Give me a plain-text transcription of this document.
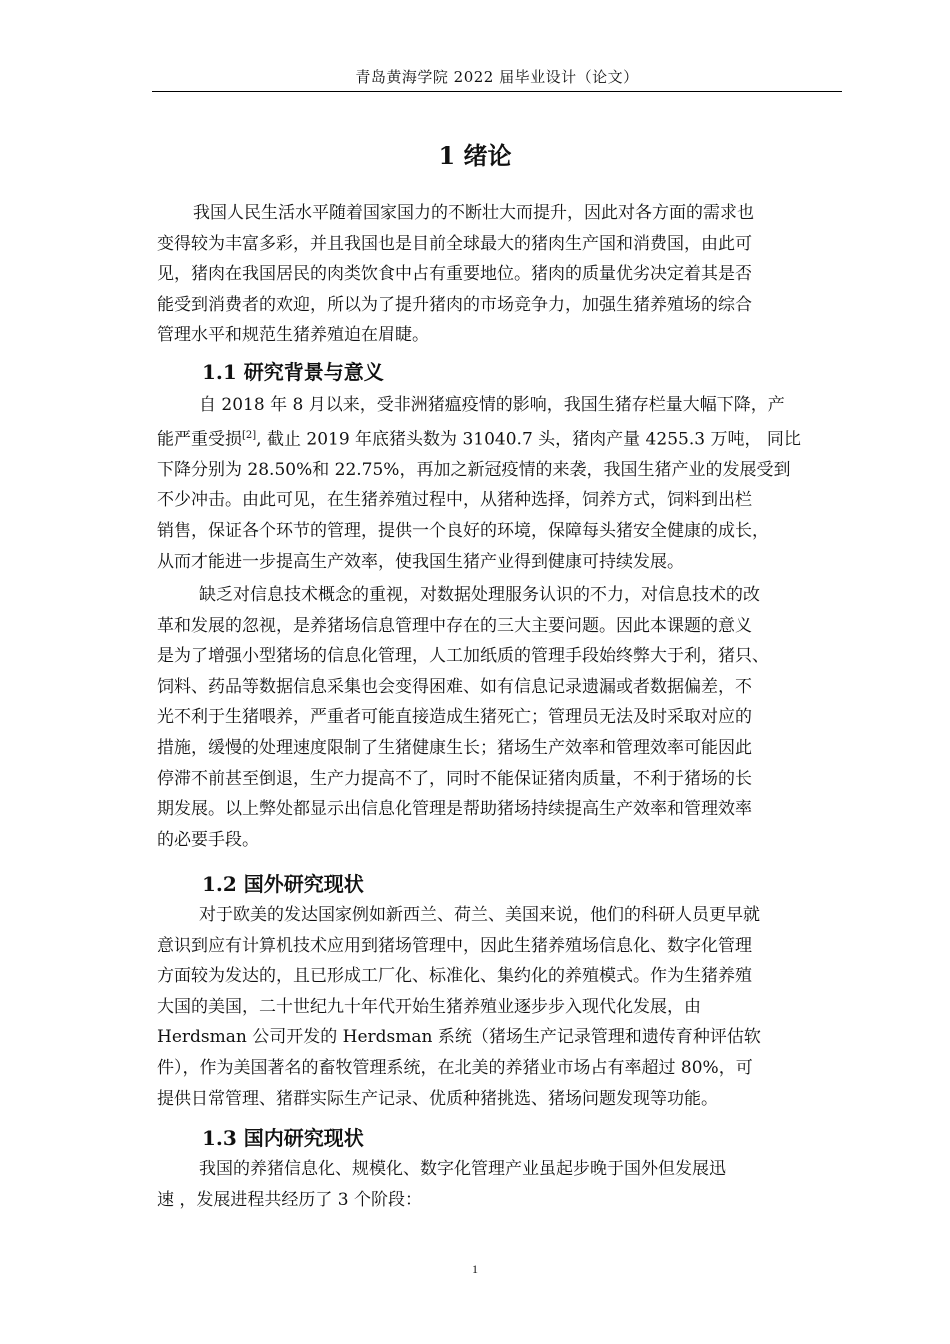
青岛黄海学院 2022 届毕业设计（论文）
1 绪论
我国人民生活水平随着国家国力的不断壮大而提升，因此对各方面的需求也
变得较为丰富多彩，并且我国也是目前全球最大的猪肉生产国和消费国，由此可
见，猪肉在我国居民的肉类饮食中占有重要地位。猪肉的质量优劣决定着其是否
能受到消费者的欢迎，所以为了提升猪肉的市场竞争力，加强生猪养殖场的综合
管理水平和规范生猪养殖迫在眉睫。
1.1 研究背景与意义
自 2018 年 8 月以来，受非洲猪瘟疫情的影响，我国生猪存栏量大幅下降，产
能严重受损[2], 截止 2019 年底猪头数为 31040.7 头，猪肉产量 4255.3 万吨， 同比
下降分别为 28.50%和 22.75%，再加之新冠疫情的来袭，我国生猪产业的发展受到
不少冲击。由此可见，在生猪养殖过程中，从猪种选择，饲养方式，饲料到出栏
销售，保证各个环节的管理，提供一个良好的环境，保障每头猪安全健康的成长，
从而才能进一步提高生产效率，使我国生猪产业得到健康可持续发展。
缺乏对信息技术概念的重视，对数据处理服务认识的不力，对信息技术的改
革和发展的忽视，是养猪场信息管理中存在的三大主要问题。因此本课题的意义
是为了增强小型猪场的信息化管理，人工加纸质的管理手段始终弊大于利，猪只、
饲料、药品等数据信息采集也会变得困难、如有信息记录遗漏或者数据偏差，不
光不利于生猪喂养，严重者可能直接造成生猪死亡；管理员无法及时采取对应的
措施，缓慢的处理速度限制了生猪健康生长；猪场生产效率和管理效率可能因此
停滞不前甚至倒退，生产力提高不了，同时不能保证猪肉质量，不利于猪场的长
期发展。以上弊处都显示出信息化管理是帮助猪场持续提高生产效率和管理效率
的必要手段。
1.2 国外研究现状
对于欧美的发达国家例如新西兰、荷兰、美国来说，他们的科研人员更早就
意识到应有计算机技术应用到猪场管理中，因此生猪养殖场信息化、数字化管理
方面较为发达的，且已形成工厂化、标准化、集约化的养殖模式。作为生猪养殖
大国的美国，二十世纪九十年代开始生猪养殖业逐步步入现代化发展，由
Herdsman 公司开发的 Herdsman 系统（猪场生产记录管理和遗传育种评估软
件），作为美国著名的畜牧管理系统，在北美的养猪业市场占有率超过 80%，可
提供日常管理、猪群实际生产记录、优质种猪挑选、猪场问题发现等功能。
1.3 国内研究现状
我国的养猪信息化、规模化、数字化管理产业虽起步晚于国外但发展迅
速 ，发展进程共经历了 3 个阶段：
1
